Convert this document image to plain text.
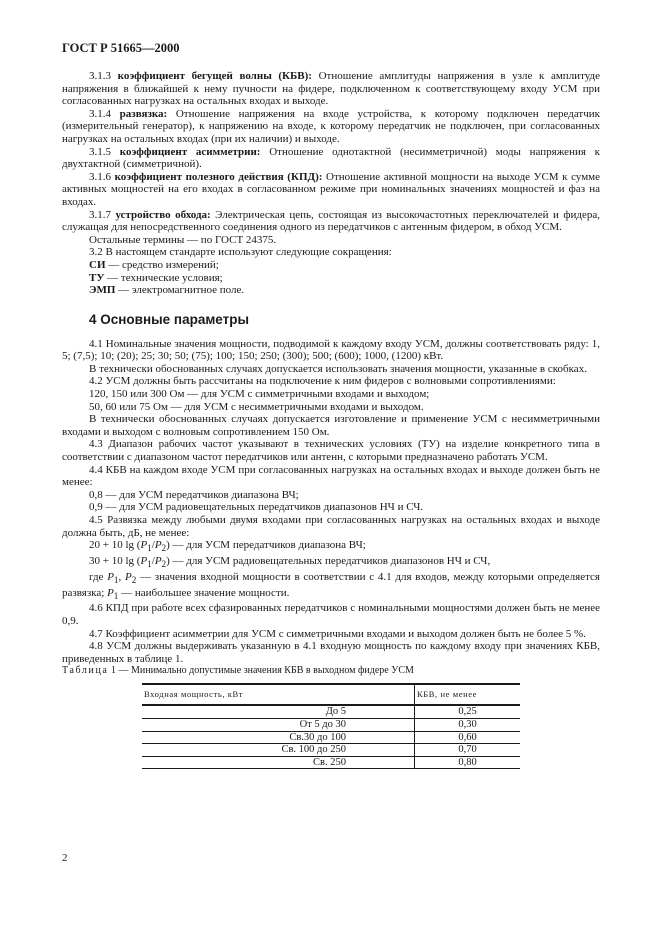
ГОСТ Р 51665—2000

3.1.3 коэффициент бегущей волны (КБВ): Отношение амплитуды напряжения в узле к амплитуде напряжения в ближайшей к нему пучности на фидере, подключенном к соответствующему входу УСМ при согласованных нагрузках на остальных входах и выходе.

3.1.4 развязка: Отношение напряжения на входе устройства, к которому подключен передатчик (измерительный генератор), к напряжению на входе, к которому передатчик не подключен, при согласованных нагрузках на остальных входах (при их наличии) и выходе.

3.1.5 коэффициент асимметрии: Отношение однотактной (несимметричной) моды напряжения к двухтактной (симметричной).

3.1.6 коэффициент полезного действия (КПД): Отношение активной мощности на выходе УСМ к сумме активных мощностей на его входах в согласованном режиме при номинальных значениях мощностей и фаз на входах.

3.1.7 устройство обхода: Электрическая цепь, состоящая из высокочастотных переключателей и фидера, служащая для непосредственного соединения одного из передатчиков с антенным фидером, в обход УСМ.

Остальные термины — по ГОСТ 24375.

3.2 В настоящем стандарте используют следующие сокращения:

СИ — средство измерений;

ТУ — технические условия;

ЭМП — электромагнитное поле.

4 Основные параметры

4.1 Номинальные значения мощности, подводимой к каждому входу УСМ, должны соответствовать ряду: 1, 5; (7,5); 10; (20); 25; 30; 50; (75); 100; 150; 250; (300); 500; (600); 1000, (1200) кВт.

В технически обоснованных случаях допускается использовать значения мощности, указанные в скобках.

4.2 УСМ должны быть рассчитаны на подключение к ним фидеров с волновыми сопротивлениями:

120, 150 или 300 Ом — для УСМ с симметричными входами и выходом;

50, 60 или 75 Ом — для УСМ с несимметричными входами и выходом.

В технически обоснованных случаях допускается изготовление и применение УСМ с несимметричными входами и выходом с волновым сопротивлением 150 Ом.

4.3 Диапазон рабочих частот указывают в технических условиях (ТУ) на изделие конкретного типа в соответствии с диапазоном частот передатчиков или антенн, с которыми предназначено работать УСМ.

4.4 КБВ на каждом входе УСМ при согласованных нагрузках на остальных входах и выходе должен быть не менее:

0,8 — для УСМ передатчиков диапазона ВЧ;

0,9 — для УСМ радиовещательных передатчиков диапазонов НЧ и СЧ.

4.5 Развязка между любыми двумя входами при согласованных нагрузках на остальных входах и выходе должна быть, дБ, не менее:

20 + 10 $\lg (P_1/P_2)$ — для УСМ передатчиков диапазона ВЧ;

30 + 10 $\lg (P_1/P_2)$ — для УСМ радиовещательных передатчиков диапазонов НЧ и СЧ,

где $P_1$, $P_2$ — значения входной мощности в соответствии с 4.1 для входов, между которыми определяется развязка; $P_1$ — наибольшее значение мощности.

4.6 КПД при работе всех сфазированных передатчиков с номинальными мощностями должен быть не менее 0,9.

4.7 Коэффициент асимметрии для УСМ с симметричными входами и выходом должен быть не более 5 %.

4.8 УСМ должны выдерживать указанную в 4.1 входную мощность по каждому входу при значениях КБВ, приведенных в таблице 1.

Таблица 1 — Минимально допустимые значения КБВ в выходном фидере УСМ

Входная мощность, кВт	КБВ, не менее
До 5	0,25
От 5 до 30	0,30
Св.30 до 100	0,60
Св. 100 до 250	0,70
Св. 250	0,80
2
